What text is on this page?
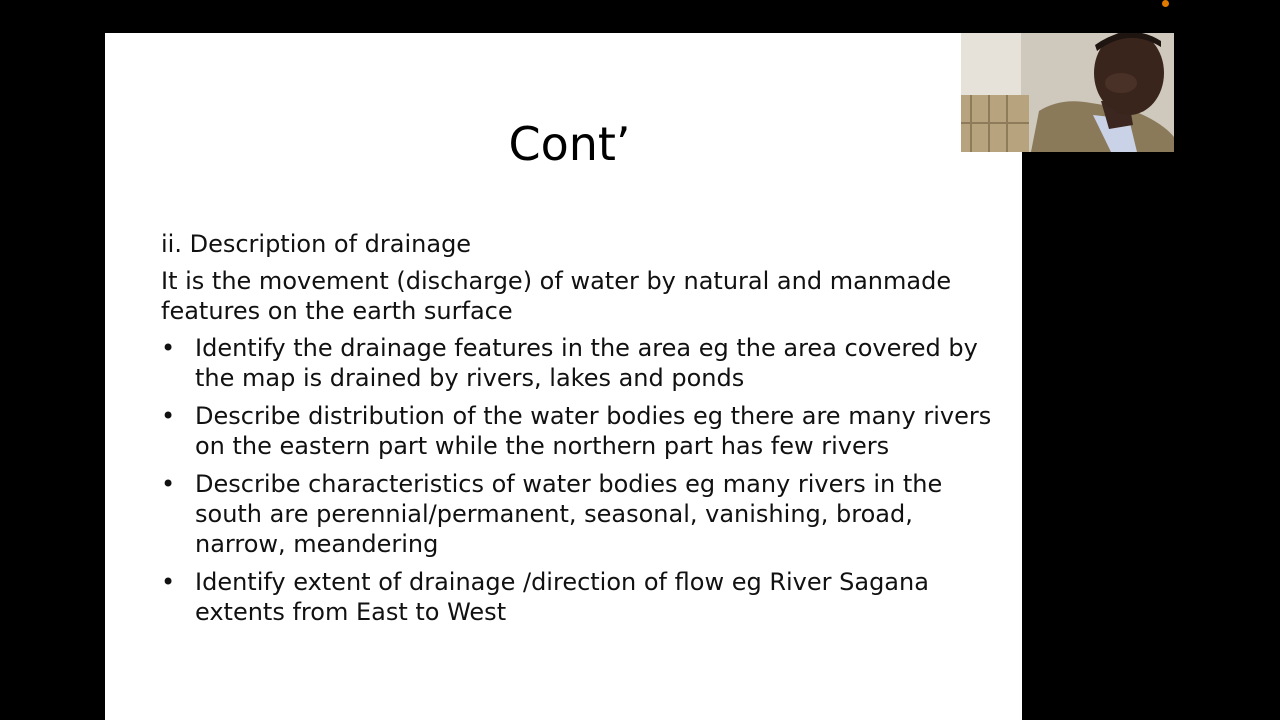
Cont’

ii. Description of drainage

It is the movement (discharge) of water by natural and manmade features on the earth surface

• Identify the drainage features in the area eg the area covered by the map is drained by rivers, lakes and ponds
• Describe distribution of the water bodies eg there are many rivers on the eastern part while the northern part has few rivers
• Describe characteristics of water bodies eg many rivers in the south are perennial/permanent, seasonal, vanishing, broad, narrow, meandering
• Identify extent of drainage /direction of flow eg River Sagana extents from East to West
